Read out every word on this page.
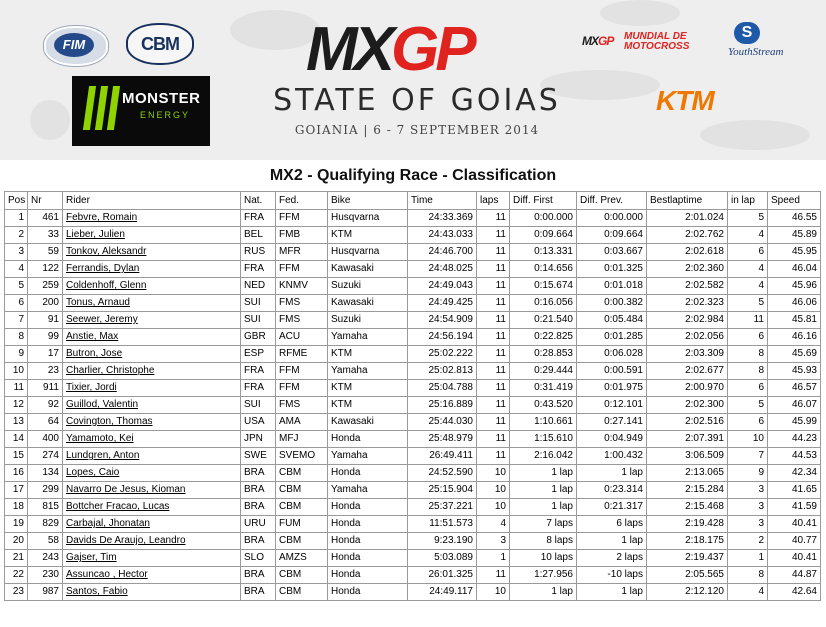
FIM	CBM MXGP
MONSTER
ENERGY	STATE OF GOIAS
GOIANIA | 6 - 7 SEPTEMBER 2014
MXGP MUNDIAL DE MOTOCROSS
S
YouthStream
KTM
MX2 - Qualifying Race - Classification
Pos	Nr	Rider	Nat.	Fed.	Bike	Time	laps	Diff. First	Diff. Prev.	Bestlaptime	in lap	Speed
1	461	Febvre, Romain	FRA	FFM	Husqvarna	24:33.369	11	0:00.000	0:00.000	2:01.024	5	46.55
2	33	Lieber, Julien	BEL	FMB	KTM	24:43.033	11	0:09.664	0:09.664	2:02.762	4	45.89
3	59	Tonkov, Aleksandr	RUS	MFR	Husqvarna	24:46.700	11	0:13.331	0:03.667	2:02.618	6	45.95
4	122	Ferrandis, Dylan	FRA	FFM	Kawasaki	24:48.025	11	0:14.656	0:01.325	2:02.360	4	46.04
5	259	Coldenhoff, Glenn	NED	KNMV	Suzuki	24:49.043	11	0:15.674	0:01.018	2:02.582	4	45.96
6	200	Tonus, Arnaud	SUI	FMS	Kawasaki	24:49.425	11	0:16.056	0:00.382	2:02.323	5	46.06
7	91	Seewer, Jeremy	SUI	FMS	Suzuki	24:54.909	11	0:21.540	0:05.484	2:02.984	11	45.81
8	99	Anstie, Max	GBR	ACU	Yamaha	24:56.194	11	0:22.825	0:01.285	2:02.056	6	46.16
9	17	Butron, Jose	ESP	RFME	KTM	25:02.222	11	0:28.853	0:06.028	2:03.309	8	45.69
10	23	Charlier, Christophe	FRA	FFM	Yamaha	25:02.813	11	0:29.444	0:00.591	2:02.677	8	45.93
11	911	Tixier, Jordi	FRA	FFM	KTM	25:04.788	11	0:31.419	0:01.975	2:00.970	6	46.57
12	92	Guillod, Valentin	SUI	FMS	KTM	25:16.889	11	0:43.520	0:12.101	2:02.300	5	46.07
13	64	Covington, Thomas	USA	AMA	Kawasaki	25:44.030	11	1:10.661	0:27.141	2:02.516	6	45.99
14	400	Yamamoto, Kei	JPN	MFJ	Honda	25:48.979	11	1:15.610	0:04.949	2:07.391	10	44.23
15	274	Lundgren, Anton	SWE	SVEMO	Yamaha	26:49.411	11	2:16.042	1:00.432	3:06.509	7	44.53
16	134	Lopes, Caio	BRA	CBM	Honda	24:52.590	10	1 lap	1 lap	2:13.065	9	42.34
17	299	Navarro De Jesus, Kioman	BRA	CBM	Yamaha	25:15.904	10	1 lap	0:23.314	2:15.284	3	41.65
18	815	Bottcher Fracao, Lucas	BRA	CBM	Honda	25:37.221	10	1 lap	0:21.317	2:15.468	3	41.59
19	829	Carbajal, Jhonatan	URU	FUM	Honda	11:51.573	4	7 laps	6 laps	2:19.428	3	40.41
20	58	Davids De Araujo, Leandro	BRA	CBM	Honda	9:23.190	3	8 laps	1 lap	2:18.175	2	40.77
21	243	Gajser, Tim	SLO	AMZS	Honda	5:03.089	1	10 laps	2 laps	2:19.437	1	40.41
22	230	Assuncao , Hector	BRA	CBM	Honda	26:01.325	11	1:27.956	-10 laps	2:05.565	8	44.87
23	987	Santos, Fabio	BRA	CBM	Honda	24:49.117	10	1 lap	1 lap	2:12.120	4	42.64
